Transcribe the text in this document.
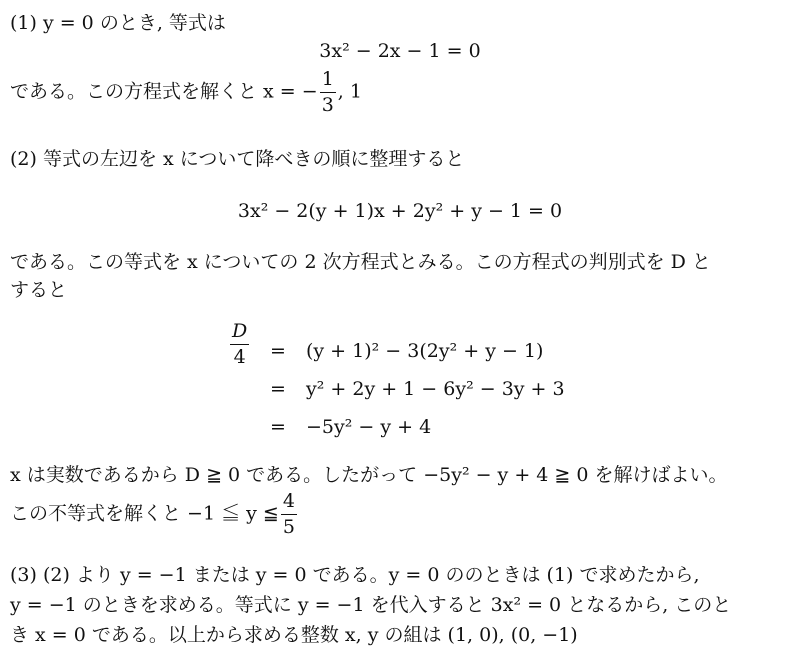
(1) y = 0 のとき, 等式は
3x² − 2x − 1 = 0
である。この方程式を解くと x = − $\frac{1}{3}$ , 1
(2) 等式の左辺を x について降べきの順に整理すると
3x² − 2(y + 1)x + 2y² + y − 1 = 0
である。この等式を x についての 2 次方程式とみる。この方程式の判別式を D と
すると
$\frac{D}{4} = (y + 1)^2 - 3(2y^2 + y - 1)$
= y² + 2y + 1 − 6y² − 3y + 3
= −5y² − y + 4
x は実数であるから D ≧ 0 である。したがって −5y² − y + 4 ≧ 0 を解けばよい。
この不等式を解くと −1 ≦ y ≦ $\frac{4}{5}$
(3) (2) より y = −1 または y = 0 である。y = 0 ののときは (1) で求めたから,
y = −1 のときを求める。等式に y = −1 を代入すると 3x² = 0 となるから, このと
き x = 0 である。以上から求める整数 x, y の組は (1, 0), (0, −1)
